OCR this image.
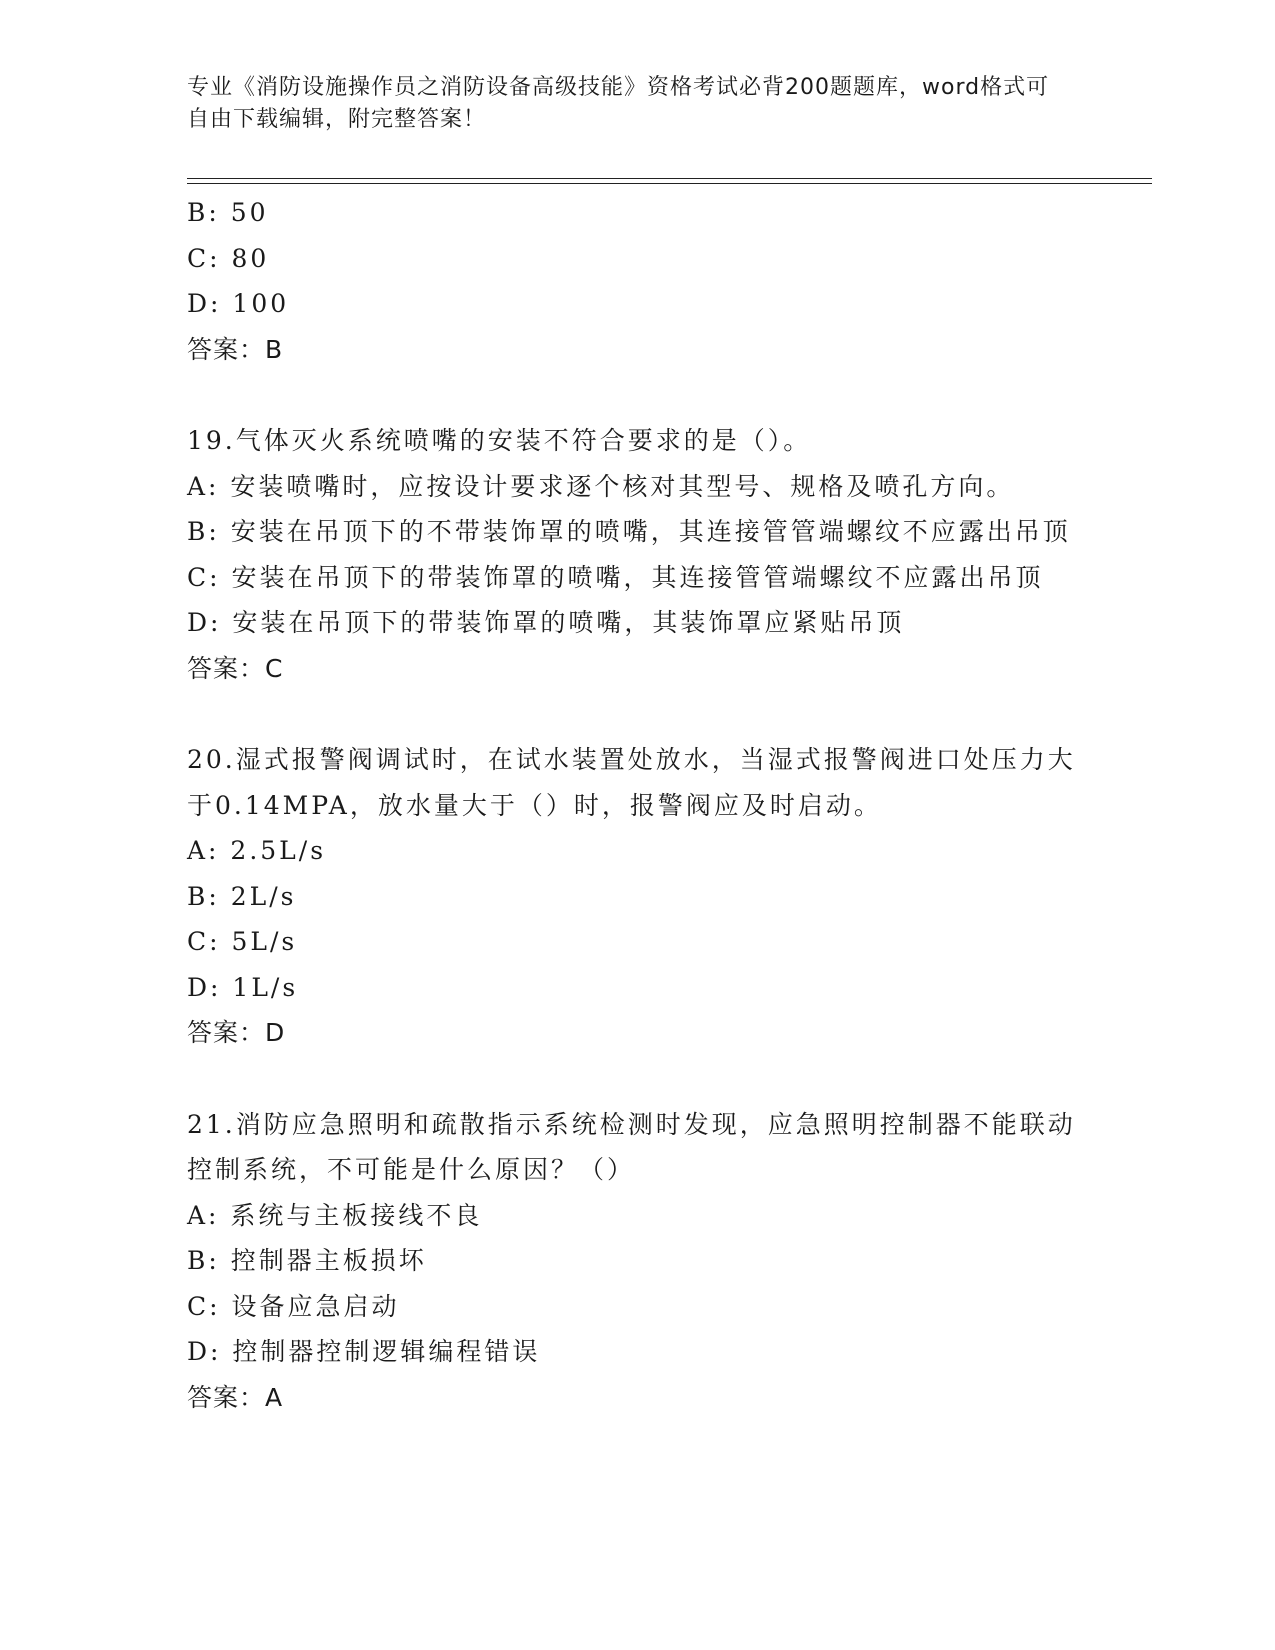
专业《消防设施操作员之消防设备高级技能》资格考试必背200题题库，word格式可自由下载编辑，附完整答案！
B: 50
C: 80
D: 100
答案：B
19.气体灭火系统喷嘴的安装不符合要求的是（）。
A: 安装喷嘴时，应按设计要求逐个核对其型号、规格及喷孔方向。
B: 安装在吊顶下的不带装饰罩的喷嘴，其连接管管端螺纹不应露出吊顶
C: 安装在吊顶下的带装饰罩的喷嘴，其连接管管端螺纹不应露出吊顶
D: 安装在吊顶下的带装饰罩的喷嘴，其装饰罩应紧贴吊顶
答案：C
20.湿式报警阀调试时，在试水装置处放水，当湿式报警阀进口处压力大于0.14MPA，放水量大于（）时，报警阀应及时启动。
A: 2.5L/s
B: 2L/s
C: 5L/s
D: 1L/s
答案：D
21.消防应急照明和疏散指示系统检测时发现，应急照明控制器不能联动控制系统，不可能是什么原因？（）
A: 系统与主板接线不良
B: 控制器主板损坏
C: 设备应急启动
D: 控制器控制逻辑编程错误
答案：A
